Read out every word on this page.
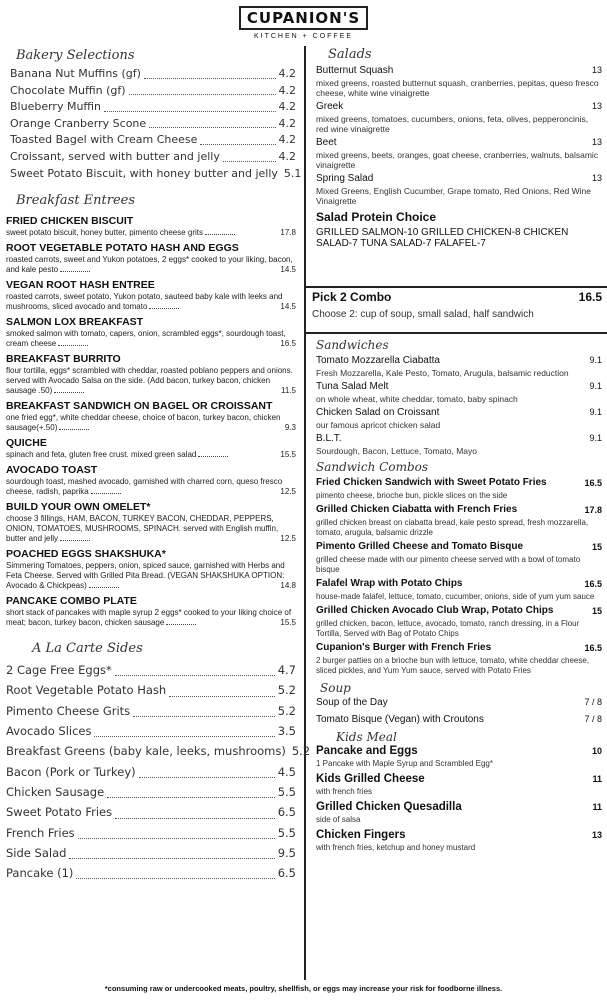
CUPANION'S
KITCHEN + COFFEE
Bakery Selections
Banana Nut Muffins (gf)	4.2
Chocolate Muffin (gf)	4.2
Blueberry Muffin	4.2
Orange Cranberry Scone	4.2
Toasted Bagel with Cream Cheese	4.2
Croissant, served with butter and jelly	4.2
Sweet Potato Biscuit, with honey butter and jelly 5.1
Breakfast Entrees
FRIED CHICKEN BISCUIT
sweet potato biscuit, honey butter, pimento cheese grits	17.8
ROOT VEGETABLE POTATO HASH AND EGGS
roasted carrots, sweet and Yukon potatoes, 2 eggs* cooked to your liking, bacon, and kale pesto	14.5
VEGAN ROOT HASH ENTREE
roasted carrots, sweet potato, Yukon potato, sauteed baby kale with leeks and mushrooms, sliced avocado and tomato	14.5
SALMON LOX BREAKFAST
smoked salmon with tomato, capers, onion, scrambled eggs*, sourdough toast, cream cheese	16.5
BREAKFAST BURRITO
flour tortilla, eggs* scrambled with cheddar, roasted poblano peppers and onions. served with Avocado Salsa on the side. (Add bacon, turkey bacon, chicken sausage .50)	11.5
BREAKFAST SANDWICH ON BAGEL OR CROISSANT
one fried egg*, white cheddar cheese, choice of bacon, turkey bacon, chicken sausage(+.50)	9.3
QUICHE
spinach and feta, gluten free crust. mixed green salad	15.5
AVOCADO TOAST
sourdough toast, mashed avocado, garnished with charred corn, queso fresco cheese, radish, paprika	12.5
BUILD YOUR OWN OMELET*
choose 3 fillings, HAM, BACON, TURKEY BACON, CHEDDAR, PEPPERS, ONION, TOMATOES, MUSHROOMS, SPINACH. served with English muffin, butter and jelly	12.5
POACHED EGGS SHAKSHUKA*
Simmering Tomatoes, peppers, onion, spiced sauce, garnished with Herbs and Feta Cheese. Served with Grilled Pita Bread. (VEGAN SHAKSHUKA OPTION: Avocado & Chickpeas)	14.8
PANCAKE COMBO PLATE
short stack of pancakes with maple syrup 2 eggs* cooked to your liking choice of meat; bacon, turkey bacon, chicken sausage	15.5
A La Carte Sides
2 Cage Free Eggs*	4.7
Root Vegetable Potato Hash	5.2
Pimento Cheese Grits	5.2
Avocado Slices	3.5
Breakfast Greens (baby kale, leeks, mushrooms) 5.2
Bacon (Pork or Turkey)	4.5
Chicken Sausage	5.5
Sweet Potato Fries	6.5
French Fries	5.5
Side Salad	9.5
Pancake (1)	6.5
Salads
Butternut Squash	13
mixed greens, roasted butternut squash, cranberries, pepitas, queso fresco cheese, white wine vinaigrette
Greek	13
mixed greens, tomatoes, cucumbers, onions, feta, olives, pepperoncinis, red wine vinaigrette
Beet	13
mixed greens, beets, oranges, goat cheese, cranberries, walnuts, balsamic vinaigrette
Spring Salad	13
Mixed Greens, English Cucumber, Grape tomato, Red Onions, Red Wine Vinaigrette
Salad Protein Choice
GRILLED SALMON-10 GRILLED CHICKEN-8 CHICKEN SALAD-7 TUNA SALAD-7 FALAFEL-7
Pick 2 Combo	16.5
Choose 2: cup of soup, small salad, half sandwich
Sandwiches
Tomato Mozzarella Ciabatta	9.1
Fresh Mozzarella, Kale Pesto, Tomato, Arugula, balsamic reduction
Tuna Salad Melt	9.1
on whole wheat, white cheddar, tomato, baby spinach
Chicken Salad on Croissant	9.1
our famous apricot chicken salad
B.L.T.	9.1
Sourdough, Bacon, Lettuce, Tomato, Mayo
Sandwich Combos
Fried Chicken Sandwich with Sweet Potato Fries	16.5
pimento cheese, brioche bun, pickle slices on the side
Grilled Chicken Ciabatta with French Fries	17.8
grilled chicken breast on ciabatta bread, kale pesto spread, fresh mozzarella, tomato, arugula, balsamic drizzle
Pimento Grilled Cheese and Tomato Bisque	15
grilled cheese made with our pimento cheese served with a bowl of tomato bisque
Falafel Wrap with Potato Chips	16.5
house-made falafel, lettuce, tomato, cucumber, onions, side of yum yum sauce
Grilled Chicken Avocado Club Wrap, Potato Chips	15
grilled chicken, bacon, lettuce, avocado, tomato, ranch dressing, in a Flour Tortilla, Served with Bag of Potato Chips
Cupanion's Burger with French Fries	16.5
2 burger patties on a brioche bun with lettuce, tomato, white cheddar cheese, sliced pickles, and Yum Yum sauce, served with Potato Fries
Soup
Soup of the Day	7 / 8
Tomato Bisque (Vegan) with Croutons	7 / 8
Kids Meal
Pancake and Eggs	10
1 Pancake with Maple Syrup and Scrambled Egg*
Kids Grilled Cheese	11
with french fries
Grilled Chicken Quesadilla	11
side of salsa
Chicken Fingers	13
with french fries, ketchup and honey mustard
*consuming raw or undercooked meats, poultry, shellfish, or eggs may increase your risk for foodborne illness.
